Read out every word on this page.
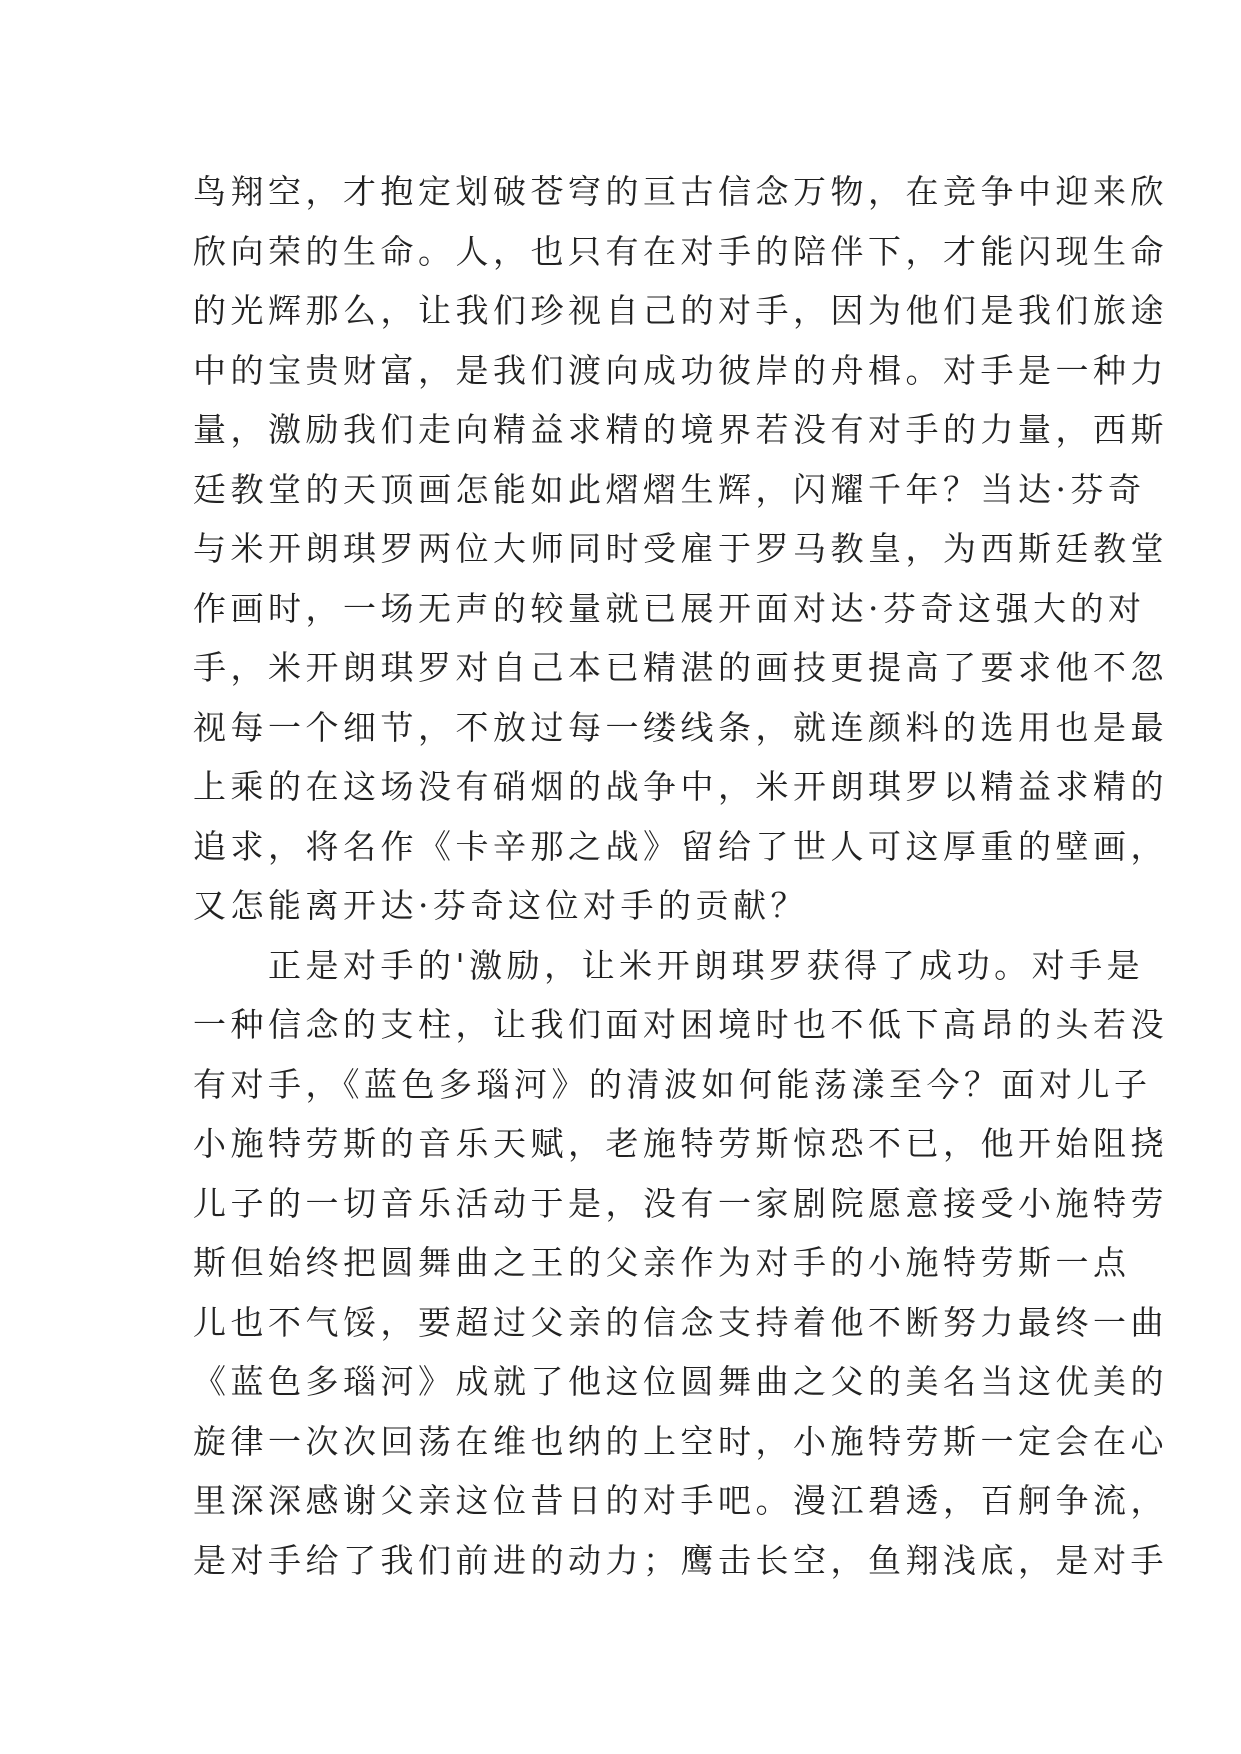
鸟翔空，才抱定划破苍穹的亘古信念万物，在竞争中迎来欣
欣向荣的生命。人，也只有在对手的陪伴下，才能闪现生命
的光辉那么，让我们珍视自己的对手，因为他们是我们旅途
中的宝贵财富，是我们渡向成功彼岸的舟楫。对手是一种力
量，激励我们走向精益求精的境界若没有对手的力量，西斯
廷教堂的天顶画怎能如此熠熠生辉，闪耀千年？当达·芬奇
与米开朗琪罗两位大师同时受雇于罗马教皇，为西斯廷教堂
作画时，一场无声的较量就已展开面对达·芬奇这强大的对
手，米开朗琪罗对自己本已精湛的画技更提高了要求他不忽
视每一个细节，不放过每一缕线条，就连颜料的选用也是最
上乘的在这场没有硝烟的战争中，米开朗琪罗以精益求精的
追求，将名作《卡辛那之战》留给了世人可这厚重的壁画，
又怎能离开达·芬奇这位对手的贡献？
　　正是对手的'激励，让米开朗琪罗获得了成功。对手是
一种信念的支柱，让我们面对困境时也不低下高昂的头若没
有对手，《蓝色多瑙河》的清波如何能荡漾至今？面对儿子
小施特劳斯的音乐天赋，老施特劳斯惊恐不已，他开始阻挠
儿子的一切音乐活动于是，没有一家剧院愿意接受小施特劳
斯但始终把圆舞曲之王的父亲作为对手的小施特劳斯一点
儿也不气馁，要超过父亲的信念支持着他不断努力最终一曲
《蓝色多瑙河》成就了他这位圆舞曲之父的美名当这优美的
旋律一次次回荡在维也纳的上空时，小施特劳斯一定会在心
里深深感谢父亲这位昔日的对手吧。漫江碧透，百舸争流，
是对手给了我们前进的动力；鹰击长空，鱼翔浅底，是对手
